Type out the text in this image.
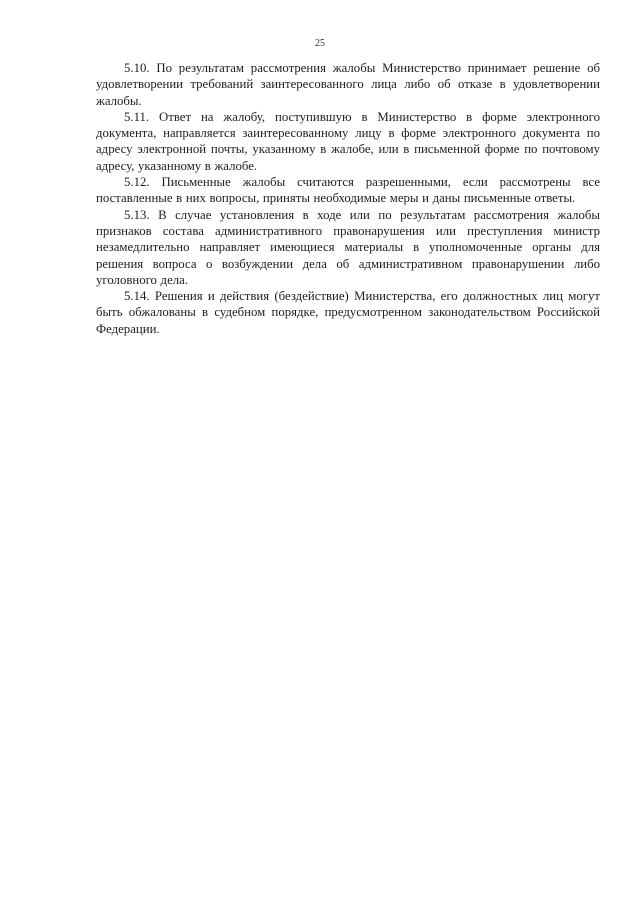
25

5.10. По результатам рассмотрения жалобы Министерство принимает решение об удовлетворении требований заинтересованного лица либо об отказе в удовлетворении жалобы.

5.11. Ответ на жалобу, поступившую в Министерство в форме электронного документа, направляется заинтересованному лицу в форме электронного документа по адресу электронной почты, указанному в жалобе, или в письменной форме по почтовому адресу, указанному в жалобе.

5.12. Письменные жалобы считаются разрешенными, если рассмотрены все поставленные в них вопросы, приняты необходимые меры и даны письменные ответы.

5.13. В случае установления в ходе или по результатам рассмотрения жалобы признаков состава административного правонарушения или преступления министр незамедлительно направляет имеющиеся материалы в уполномоченные органы для решения вопроса о возбуждении дела об административном правонарушении либо уголовного дела.

5.14. Решения и действия (бездействие) Министерства, его должностных лиц могут быть обжалованы в судебном порядке, предусмотренном законодательством Российской Федерации.
